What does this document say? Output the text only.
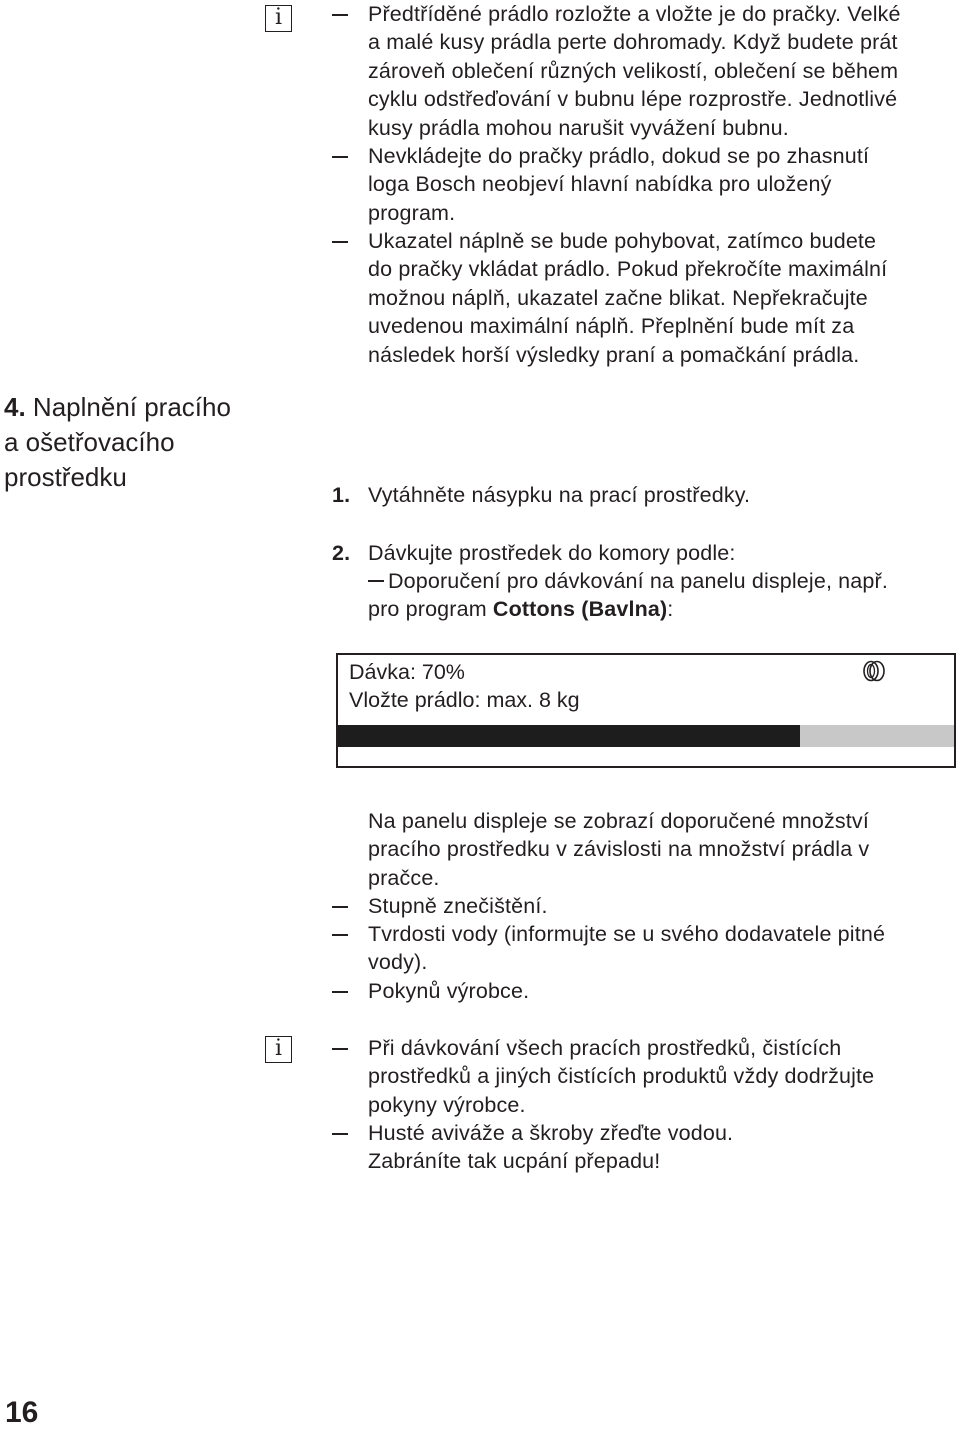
i	Předtříděné prádlo rozložte a vložte je do pračky. Velké
a malé kusy prádla perte dohromady. Když budete prát
zároveň oblečení různých velikostí, oblečení se během
cyklu odstřeďování v bubnu lépe rozprostře. Jednotlivé
kusy prádla mohou narušit vyvážení bubnu.
Nevkládejte do pračky prádlo, dokud se po zhasnutí
loga Bosch neobjeví hlavní nabídka pro uložený
program.
Ukazatel náplně se bude pohybovat, zatímco budete
do pračky vkládat prádlo. Pokud překročíte maximální
možnou náplň, ukazatel začne blikat. Nepřekračujte
uvedenou maximální náplň. Přeplnění bude mít za
následek horší výsledky praní a pomačkání prádla.
4. Naplnění pracího
a ošetřovacího
prostředku
1. Vytáhněte násypku na prací prostředky.
2. Dávkujte prostředek do komory podle:
Doporučení pro dávkování na panelu displeje, např.
pro program Cottons (Bavlna):
Dávka: 70%
Vložte prádlo: max. 8 kg
Na panelu displeje se zobrazí doporučené množství
pracího prostředku v závislosti na množství prádla v
pračce.
Stupně znečištění.
Tvrdosti vody (informujte se u svého dodavatele pitné
vody).
Pokynů výrobce.
i	Při dávkování všech pracích prostředků, čistících
prostředků a jiných čistících produktů vždy dodržujte
pokyny výrobce.
Husté aviváže a škroby zřeďte vodou.
Zabráníte tak ucpání přepadu!
16
